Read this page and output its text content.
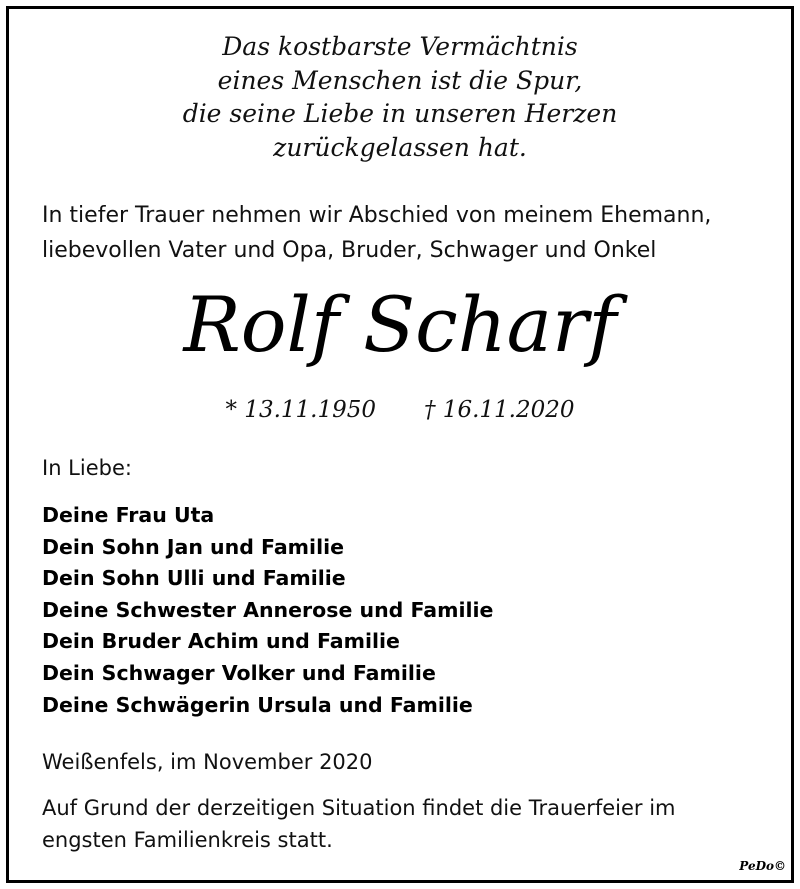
Das kostbarste Vermächtnis
eines Menschen ist die Spur,
die seine Liebe in unseren Herzen
zurückgelassen hat.
In tiefer Trauer nehmen wir Abschied von meinem Ehemann,
liebevollen Vater und Opa, Bruder, Schwager und Onkel
Rolf Scharf
* 13.11.1950 † 16.11.2020
In Liebe:
Deine Frau Uta
Dein Sohn Jan und Familie
Dein Sohn Ulli und Familie
Deine Schwester Annerose und Familie
Dein Bruder Achim und Familie
Dein Schwager Volker und Familie
Deine Schwägerin Ursula und Familie
Weißenfels, im November 2020
Auf Grund der derzeitigen Situation findet die Trauerfeier im
engsten Familienkreis statt.
PeDo©
